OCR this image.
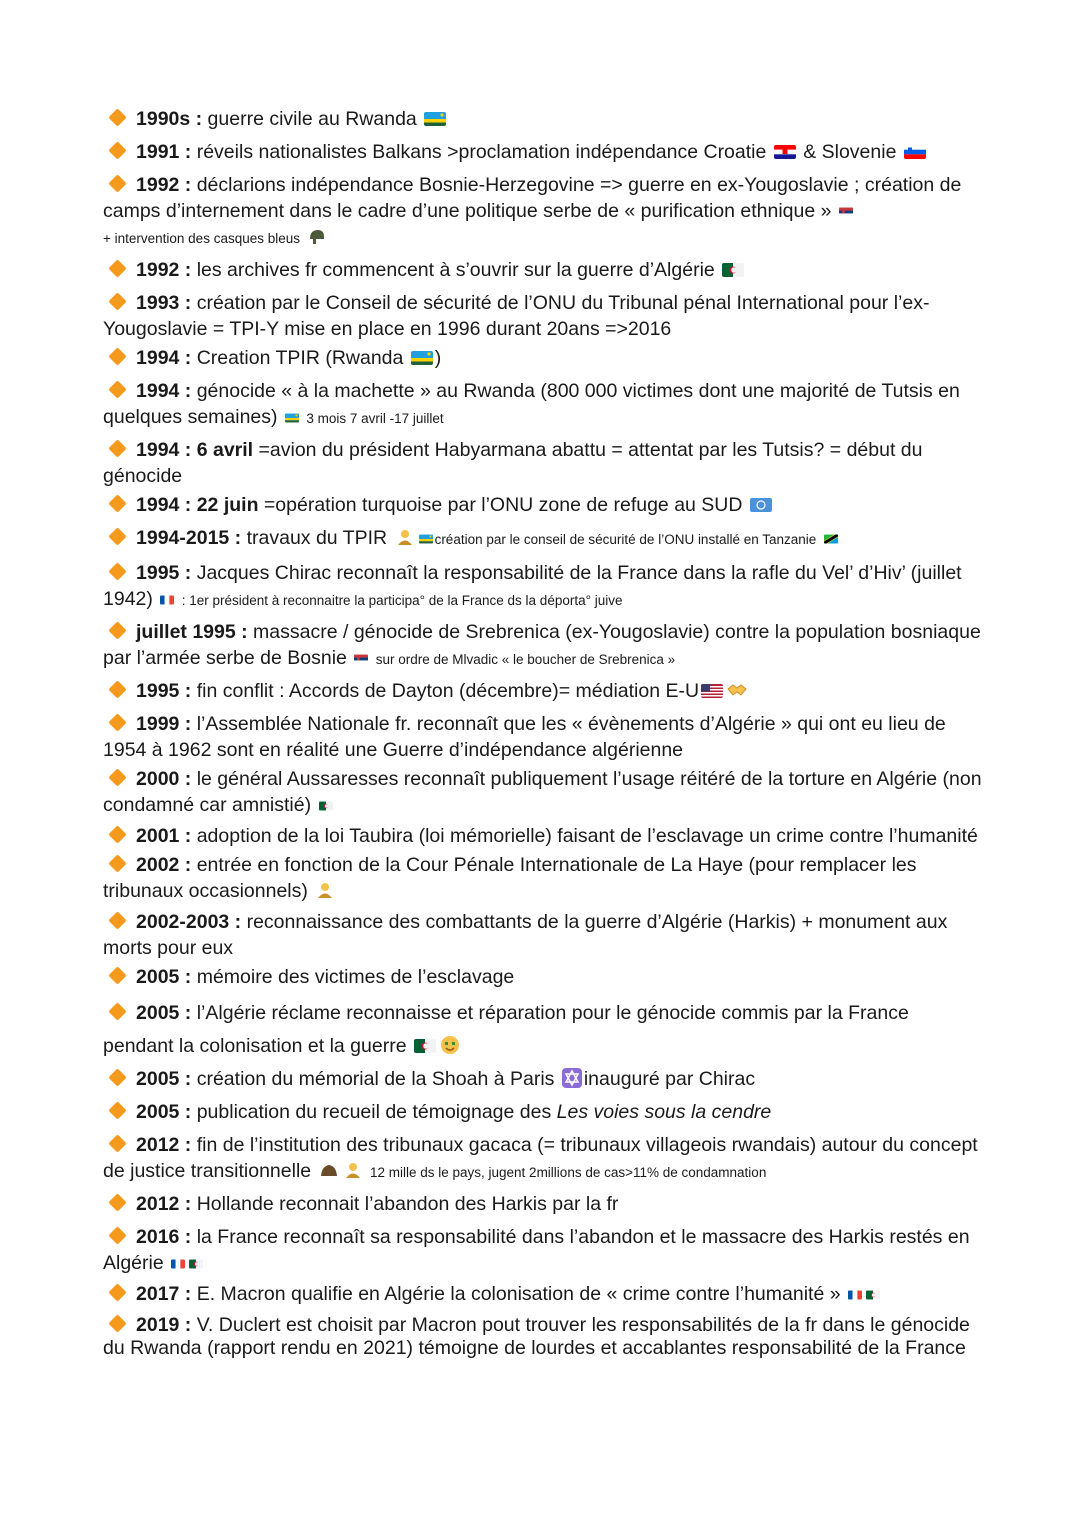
1990s : guerre civile au Rwanda

1991 : réveils nationalistes Balkans >proclamation indépendance Croatie  & Slovenie

1992 : déclarions indépendance Bosnie-Herzegovine => guerre en ex-Yougoslavie ; création de camps d’internement dans le cadre d’une politique serbe de « purification ethnique »
+ intervention des casques bleus

1992 : les archives fr commencent à s’ouvrir sur la guerre d’Algérie

1993 : création par le Conseil de sécurité de l’ONU du Tribunal pénal International pour l’ex-Yougoslavie = TPI-Y mise en place en 1996 durant 20ans =>2016

1994 : Creation TPIR (Rwanda )

1994 : génocide « à la machette » au Rwanda (800 000 victimes dont une majorité de Tutsis en quelques semaines) 3 mois 7 avril -17 juillet

1994 : 6 avril =avion du président Habyarmana abattu = attentat par les Tutsis? = début du génocide

1994 : 22 juin =opération turquoise par l’ONU zone de refuge au SUD

1994-2015 : travaux du TPIR	création par le conseil de sécurité de l’ONU installé en Tanzanie

1995 : Jacques Chirac reconnaît la responsabilité de la France dans la rafle du Vel’ d’Hiv’ (juillet 1942) : 1er président à reconnaitre la participa° de la France ds la déporta° juive

juillet 1995 : massacre / génocide de Srebrenica (ex-Yougoslavie) contre la population bosniaque par l’armée serbe de Bosnie sur ordre de Mlvadic « le boucher de Srebrenica »

1995 : fin conflit : Accords de Dayton (décembre)= médiation E-U

1999 : l’Assemblée Nationale fr. reconnaît que les « évènements d’Algérie » qui ont eu lieu de 1954 à 1962 sont en réalité une Guerre d’indépendance algérienne

2000 : le général Aussaresses reconnaît publiquement l’usage réitéré de la torture en Algérie (non condamné car amnistié)

2001 : adoption de la loi Taubira (loi mémorielle) faisant de l’esclavage un crime contre l’humanité

2002 : entrée en fonction de la Cour Pénale Internationale de La Haye (pour remplacer les tribunaux occasionnels)

2002-2003 : reconnaissance des combattants de la guerre d’Algérie (Harkis) + monument aux morts pour eux

2005 : mémoire des victimes de l’esclavage

2005 : l’Algérie réclame reconnaisse et réparation pour le génocide commis par la France pendant la colonisation et la guerre

2005 : création du mémorial de la Shoah à Paris inauguré par Chirac

2005 : publication du recueil de témoignage des Les voies sous la cendre

2012 : fin de l’institution des tribunaux gacaca (= tribunaux villageois rwandais) autour du concept de justice transitionnelle	12 mille ds le pays, jugent 2millions de cas>11% de condamnation

2012 : Hollande reconnait l’abandon des Harkis par la fr

2016 : la France reconnaît sa responsabilité dans l’abandon et le massacre des Harkis restés en Algérie

2017 : E. Macron qualifie en Algérie la colonisation de « crime contre l’humanité »

2019 : V. Duclert est choisit par Macron pout trouver les responsabilités de la fr dans le génocide du Rwanda (rapport rendu en 2021) témoigne de lourdes et accablantes responsabilité de la France
